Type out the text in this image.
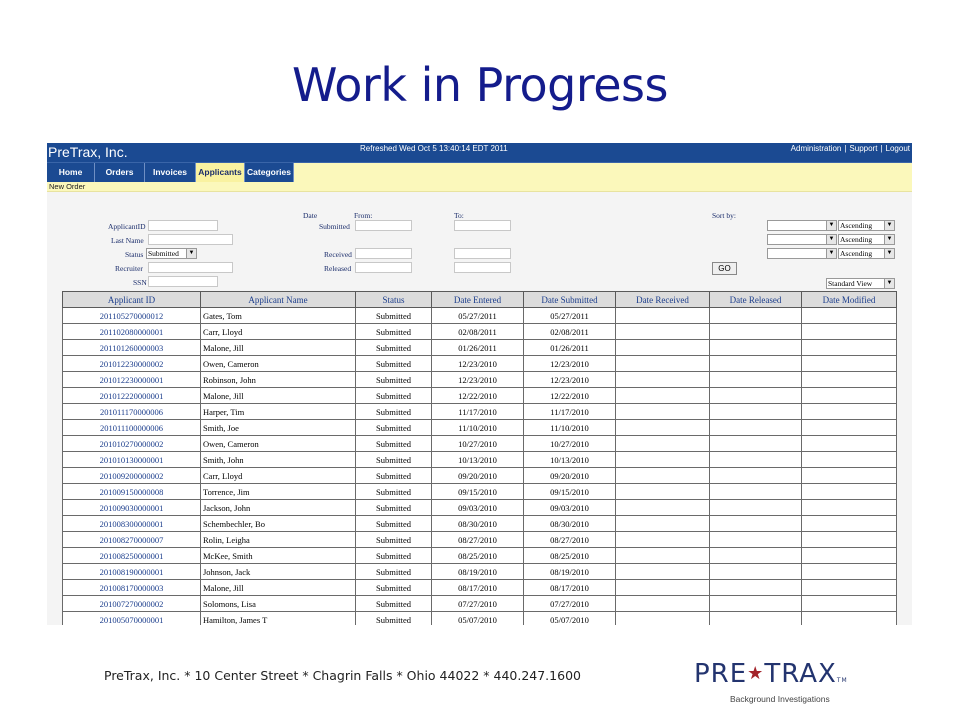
Work in Progress
PreTrax, Inc.	Refreshed Wed Oct 5 13:40:14 EDT 2011	Administration | Support | Logout
Home	Orders	Invoices	Applicants Categories
New Order
ApplicantID
Last Name
Status Submitted	▼
Recruiter
SSN
Date	From:	To:
Submitted
Received
Released
Sort by:
▼ Ascending	▼
▼ Ascending	▼
▼ Ascending	▼
GO
Standard View	▼
Applicant ID	Applicant Name	Status	Date Entered	Date Submitted	Date Received	Date Released	Date Modified
201105270000012	Gates, Tom	Submitted	05/27/2011	05/27/2011			
201102080000001	Carr, Lloyd	Submitted	02/08/2011	02/08/2011			
201101260000003	Malone, Jill	Submitted	01/26/2011	01/26/2011			
201012230000002	Owen, Cameron	Submitted	12/23/2010	12/23/2010			
201012230000001	Robinson, John	Submitted	12/23/2010	12/23/2010			
201012220000001	Malone, Jill	Submitted	12/22/2010	12/22/2010			
201011170000006	Harper, Tim	Submitted	11/17/2010	11/17/2010			
201011100000006	Smith, Joe	Submitted	11/10/2010	11/10/2010			
201010270000002	Owen, Cameron	Submitted	10/27/2010	10/27/2010			
201010130000001	Smith, John	Submitted	10/13/2010	10/13/2010			
201009200000002	Carr, Lloyd	Submitted	09/20/2010	09/20/2010			
201009150000008	Torrence, Jim	Submitted	09/15/2010	09/15/2010			
201009030000001	Jackson, John	Submitted	09/03/2010	09/03/2010			
201008300000001	Schembechler, Bo	Submitted	08/30/2010	08/30/2010			
201008270000007	Rolin, Leigha	Submitted	08/27/2010	08/27/2010			
201008250000001	McKee, Smith	Submitted	08/25/2010	08/25/2010			
201008190000001	Johnson, Jack	Submitted	08/19/2010	08/19/2010			
201008170000003	Malone, Jill	Submitted	08/17/2010	08/17/2010			
201007270000002	Solomons, Lisa	Submitted	07/27/2010	07/27/2010			
201005070000001	Hamilton, James T	Submitted	05/07/2010	05/07/2010			
PreTrax, Inc. * 10 Center Street * Chagrin Falls * Ohio 44022 * 440.247.1600	PRE★TRAXTM
Background Investigations
